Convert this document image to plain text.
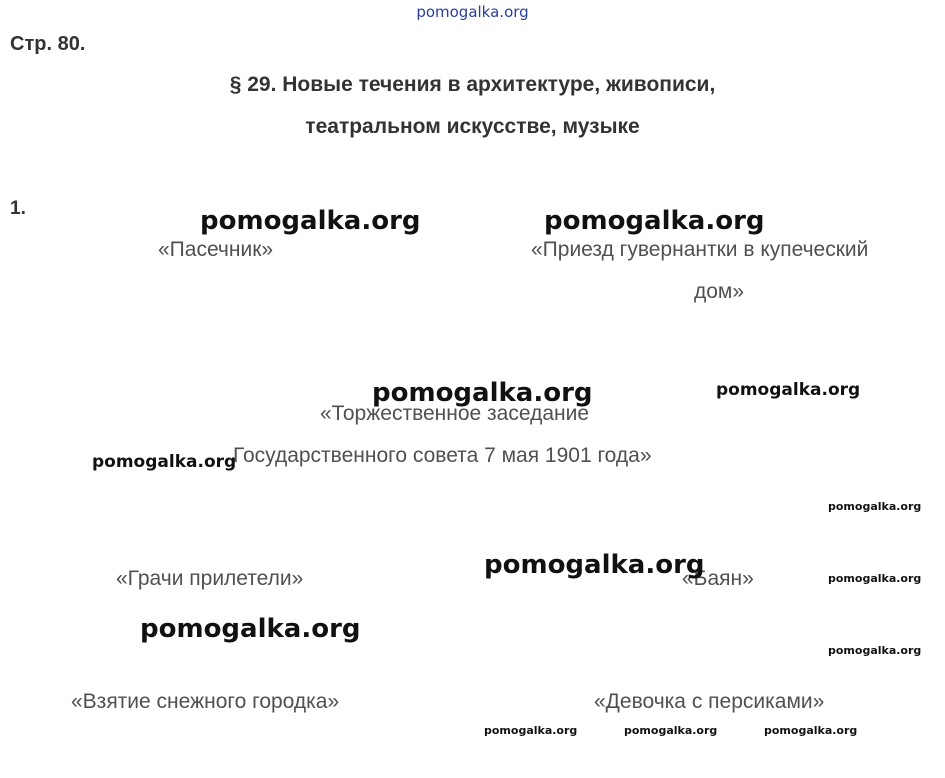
pomogalka.org
Стр. 80.
§ 29. Новые течения в архитектуре, живописи,
театральном искусстве, музыке
1.
«Пасечник»	«Приезд гувернантки в купеческий
дом»
«Торжественное заседание
Государственного совета 7 мая 1901 года»
«Грачи прилетели»	«Баян»
«Взятие снежного городка»	«Девочка с персиками»
pomogalka.org	pomogalka.org
pomogalka.org	pomogalka.org
pomogalka.org
pomogalka.org
pomogalka.org	pomogalka.org
pomogalka.org
pomogalka.org
pomogalka.org	pomogalka.org	pomogalka.org
